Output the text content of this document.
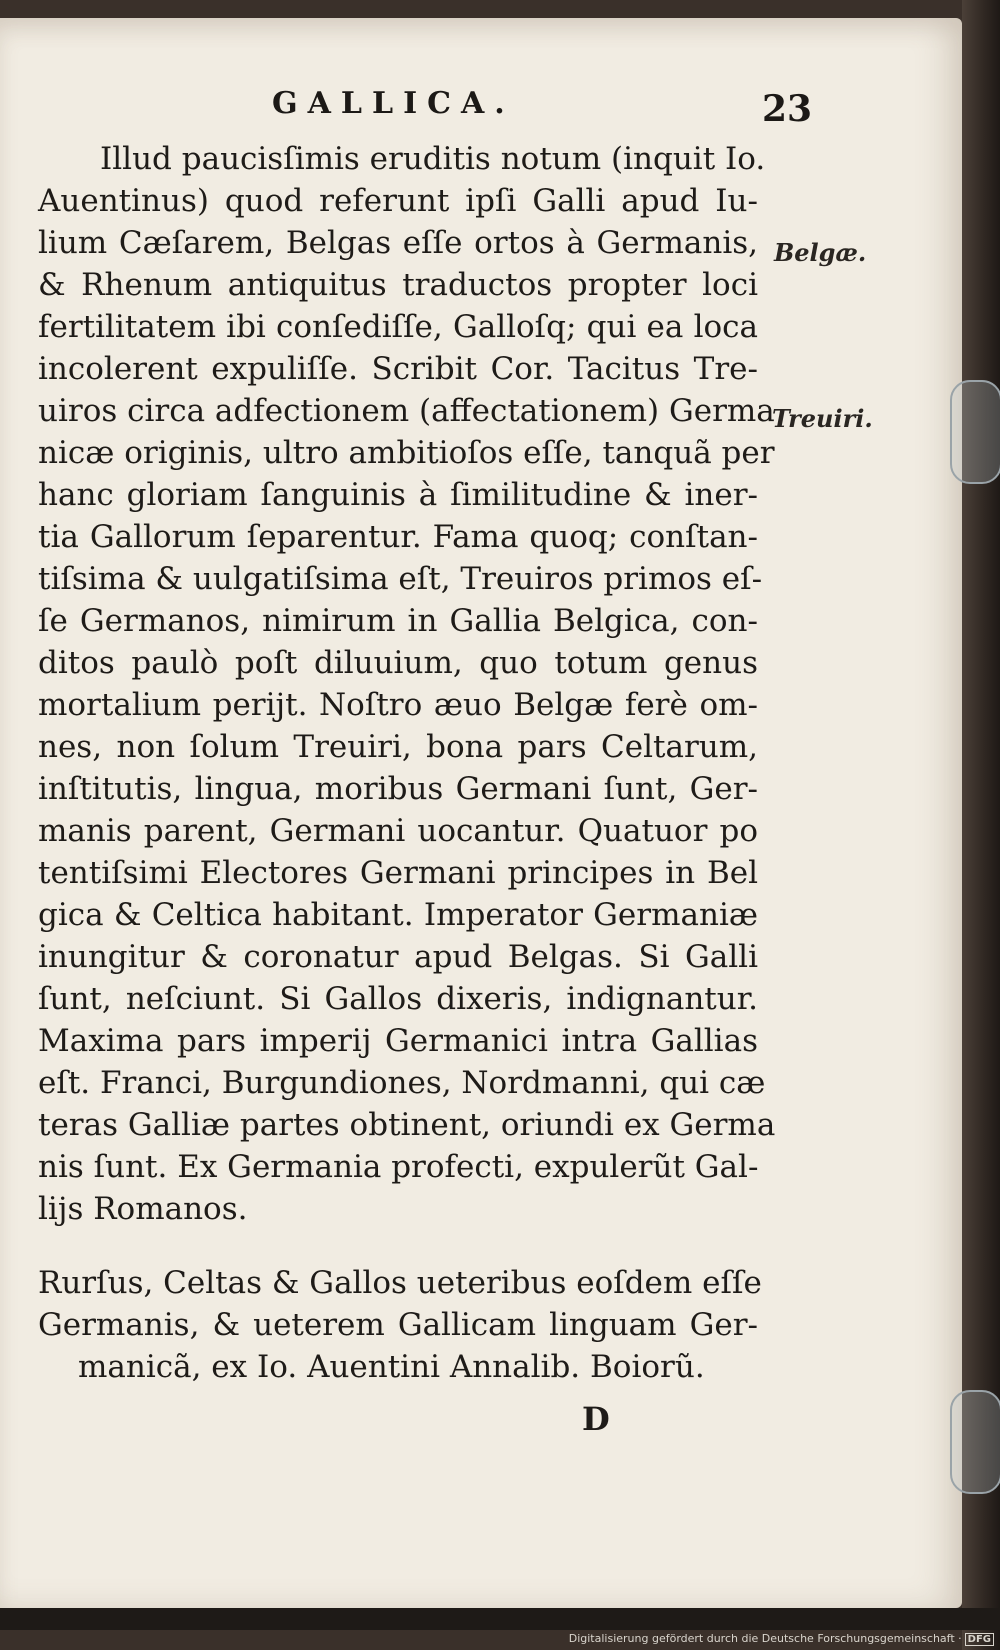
GALLICA.	23
Illud paucisſimis eruditis notum (inquit Io.
Auentinus) quod referunt ipſi Galli apud Iu-
lium Cæſarem, Belgas eſſe ortos à Germanis,
& Rhenum antiquitus traductos propter loci
fertilitatem ibi conſediſſe, Galloſq; qui ea loca
incolerent expuliſſe. Scribit Cor. Tacitus Tre-
uiros circa adfectionem (affectationem) Germa
nicæ originis, ultro ambitioſos eſſe, tanquã per
hanc gloriam ſanguinis à ſimilitudine & iner-
tia Gallorum ſeparentur. Fama quoq; conſtan-
tiſsima & uulgatiſsima eſt, Treuiros primos eſ-
ſe Germanos, nimirum in Gallia Belgica, con-
ditos paulò poſt diluuium, quo totum genus
mortalium perijt. Noſtro æuo Belgæ ferè om-
nes, non ſolum Treuiri, bona pars Celtarum,
inſtitutis, lingua, moribus Germani ſunt, Ger-
manis parent, Germani uocantur. Quatuor po
tentiſsimi Electores Germani principes in Bel
gica & Celtica habitant. Imperator Germaniæ
inungitur & coronatur apud Belgas. Si Galli
ſunt, neſciunt. Si Gallos dixeris, indignantur.
Maxima pars imperij Germanici intra Gallias
eſt. Franci, Burgundiones, Nordmanni, qui cæ
teras Galliæ partes obtinent, oriundi ex Germa
nis ſunt. Ex Germania profecti, expulerũt Gal-
lijs Romanos.
Belgæ.
Treuiri.
Rurſus, Celtas & Gallos ueteribus eoſdem eſſe
Germanis, & ueterem Gallicam linguam Ger-
manicã, ex Io. Auentini Annalib. Boiorũ.
D
Digitalisierung gefördert durch die Deutsche Forschungsgemeinschaft · DFG
